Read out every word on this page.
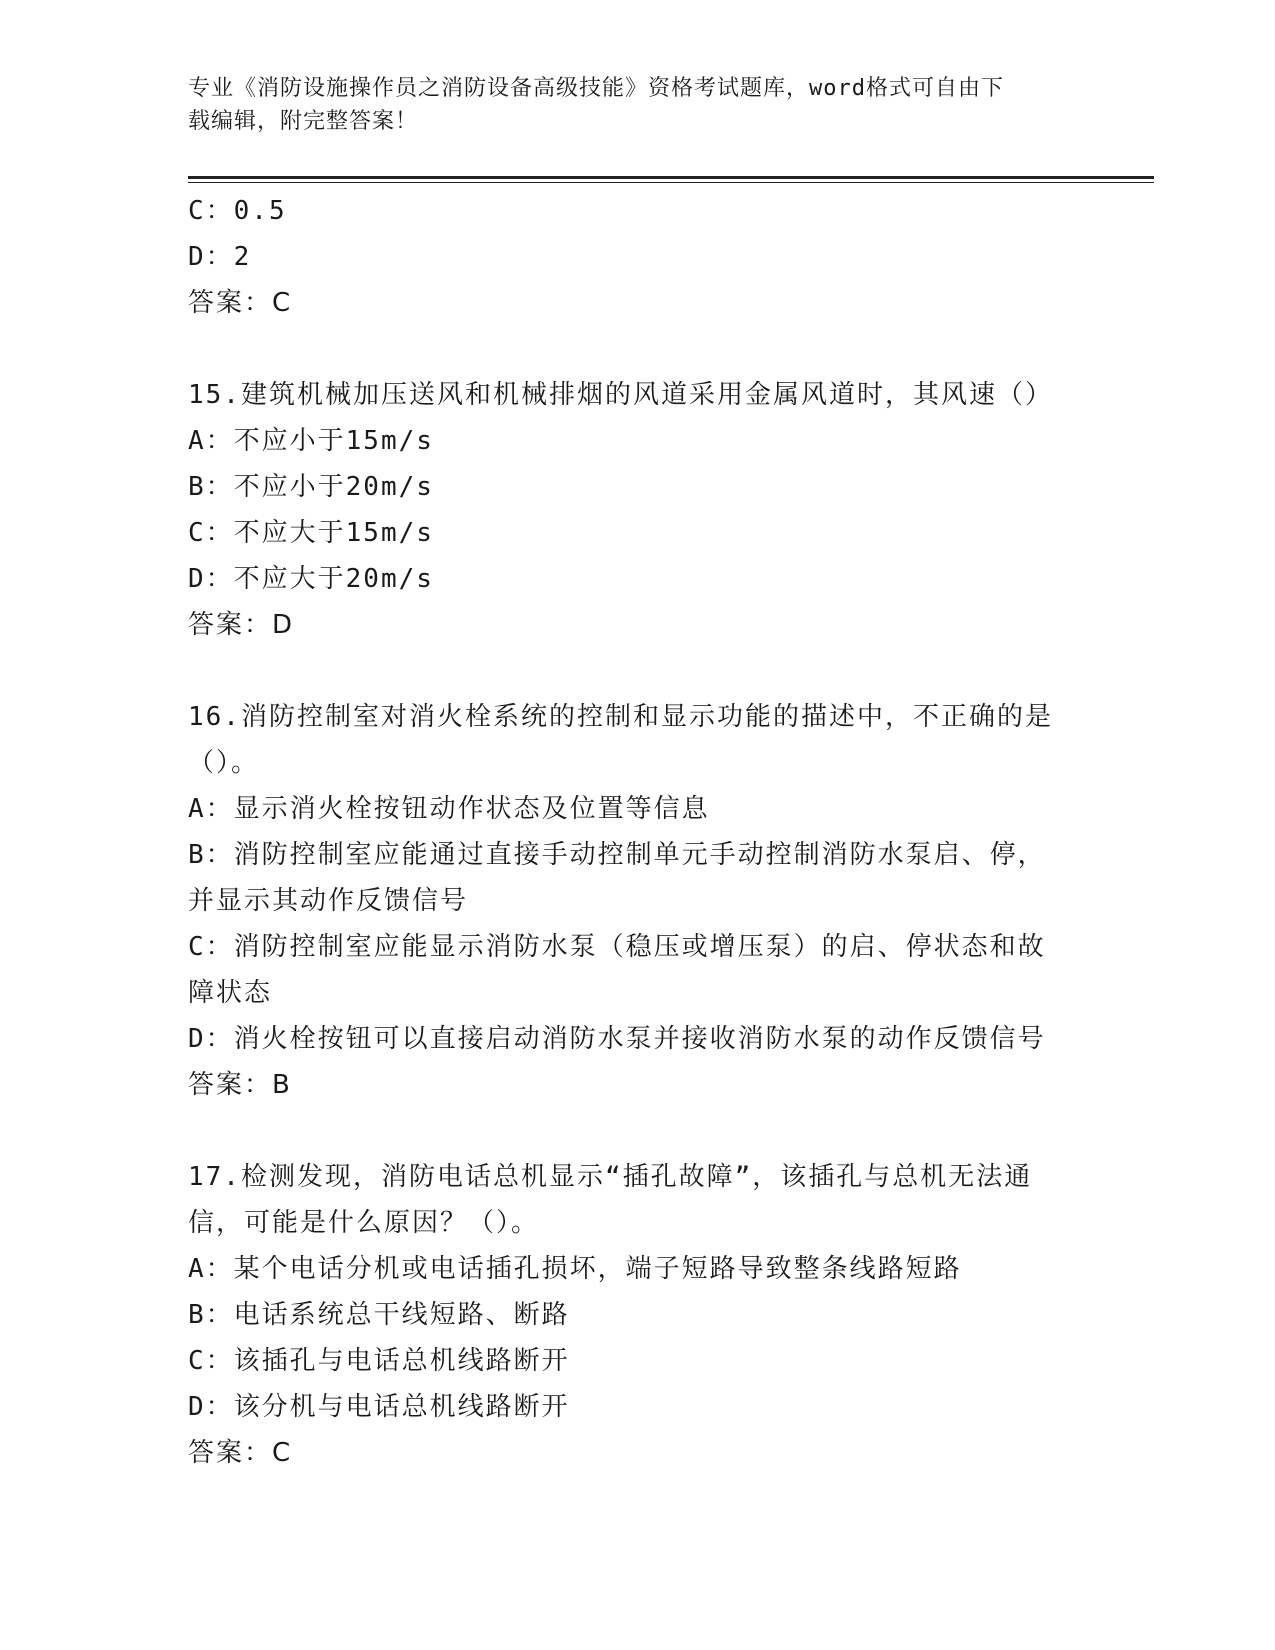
专业《消防设施操作员之消防设备高级技能》资格考试题库，word格式可自由下
载编辑，附完整答案！
C：0.5
D：2
答案：C
15.建筑机械加压送风和机械排烟的风道采用金属风道时，其风速（）
A：不应小于15m/s
B：不应小于20m/s
C：不应大于15m/s
D：不应大于20m/s
答案：D
16.消防控制室对消火栓系统的控制和显示功能的描述中，不正确的是
（）。
A：显示消火栓按钮动作状态及位置等信息
B：消防控制室应能通过直接手动控制单元手动控制消防水泵启、停，
并显示其动作反馈信号
C：消防控制室应能显示消防水泵（稳压或增压泵）的启、停状态和故
障状态
D：消火栓按钮可以直接启动消防水泵并接收消防水泵的动作反馈信号
答案：B
17.检测发现，消防电话总机显示“插孔故障”，该插孔与总机无法通
信，可能是什么原因？（）。
A：某个电话分机或电话插孔损坏，端子短路导致整条线路短路
B：电话系统总干线短路、断路
C：该插孔与电话总机线路断开
D：该分机与电话总机线路断开
答案：C
